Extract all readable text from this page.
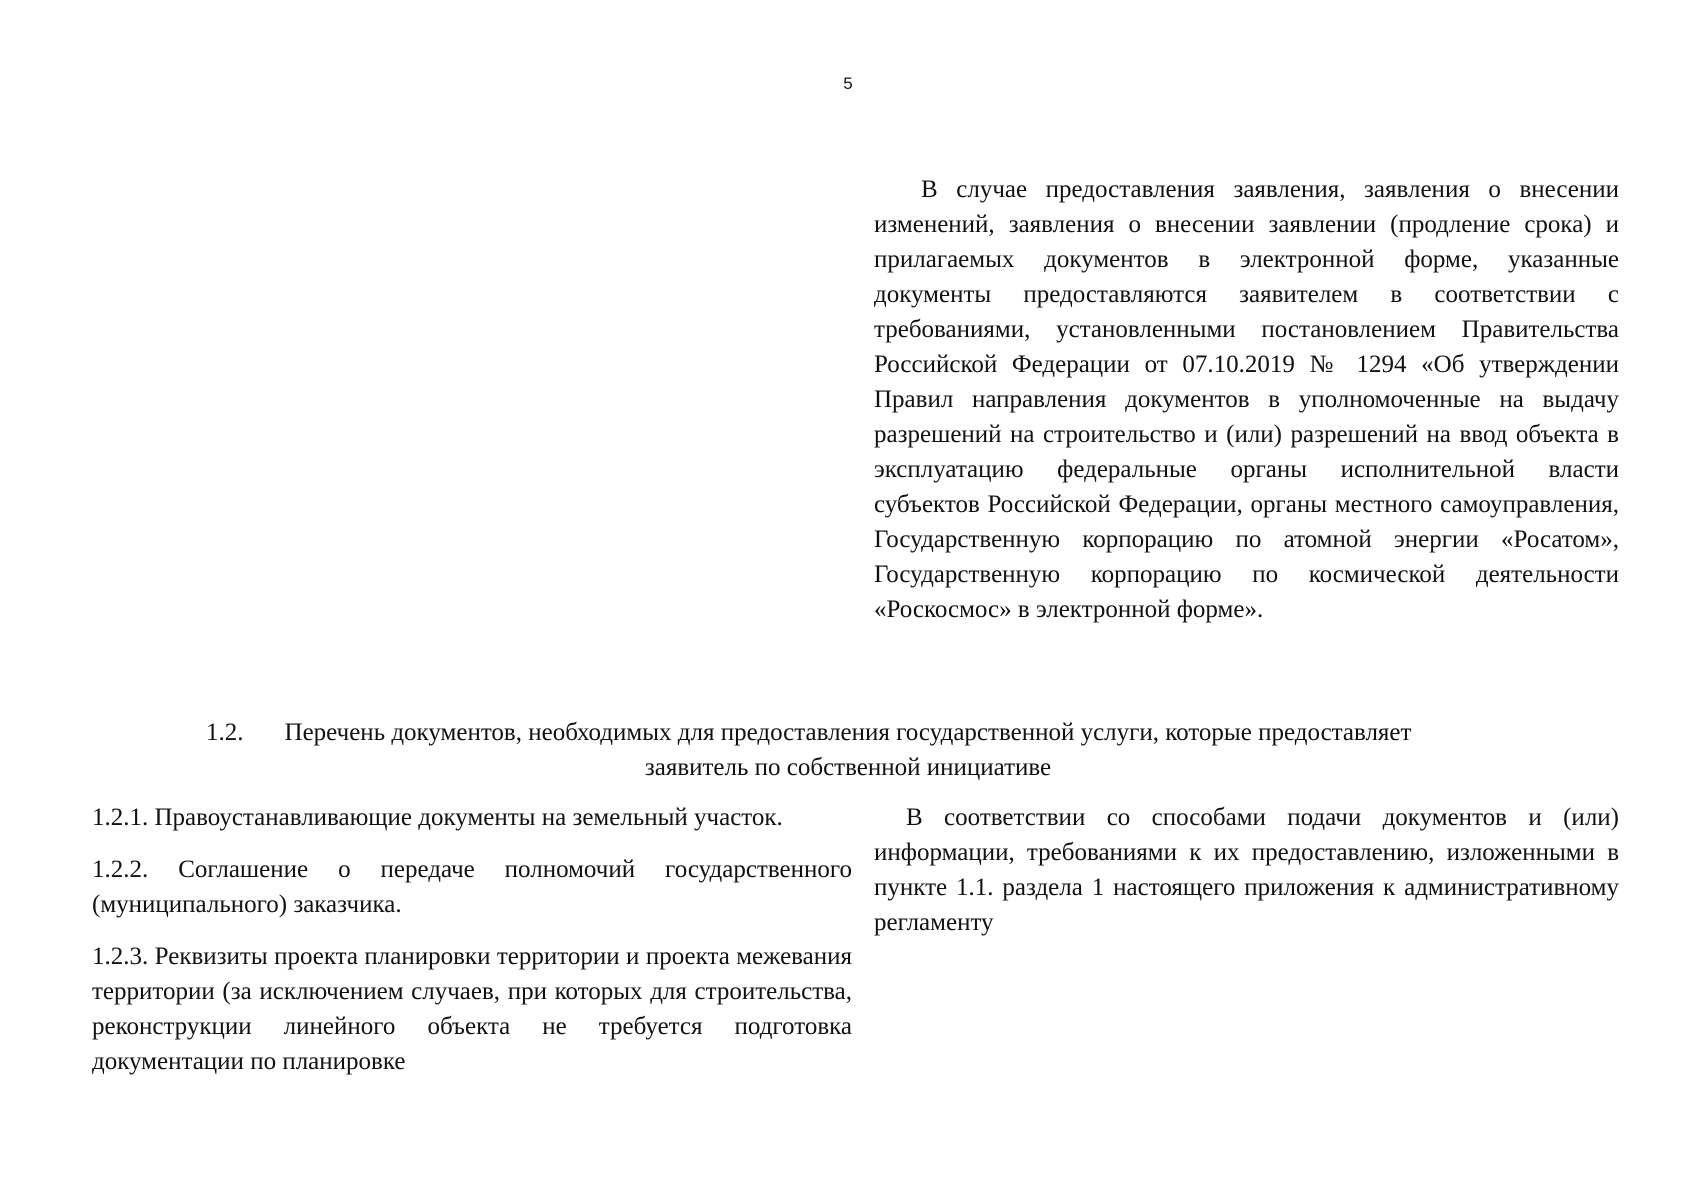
5

В случае предоставления заявления, заявления о внесении изменений, заявления о внесении заявлении (продление срока) и прилагаемых документов в электронной форме, указанные документы предоставляются заявителем в соответствии с требованиями, установленными постановлением Правительства Российской Федерации от 07.10.2019 № 1294 «Об утверждении Правил направления документов в уполномоченные на выдачу разрешений на строительство и (или) разрешений на ввод объекта в эксплуатацию федеральные органы исполнительной власти субъектов Российской Федерации, органы местного самоуправления, Государственную корпорацию по атомной энергии «Росатом», Государственную корпорацию по космической деятельности «Роскосмос» в электронной форме».

1.2.	Перечень документов, необходимых для предоставления государственной услуги, которые предоставляет заявитель по собственной инициативе

1.2.1. Правоустанавливающие документы на земельный участок.

1.2.2. Соглашение о передаче полномочий государственного (муниципального) заказчика.

1.2.3. Реквизиты проекта планировки территории и проекта межевания территории (за исключением случаев, при которых для строительства, реконструкции линейного объекта не требуется подготовка документации по планировке

В соответствии со способами подачи документов и (или) информации, требованиями к их предоставлению, изложенными в пункте 1.1. раздела 1 настоящего приложения к административному регламенту
